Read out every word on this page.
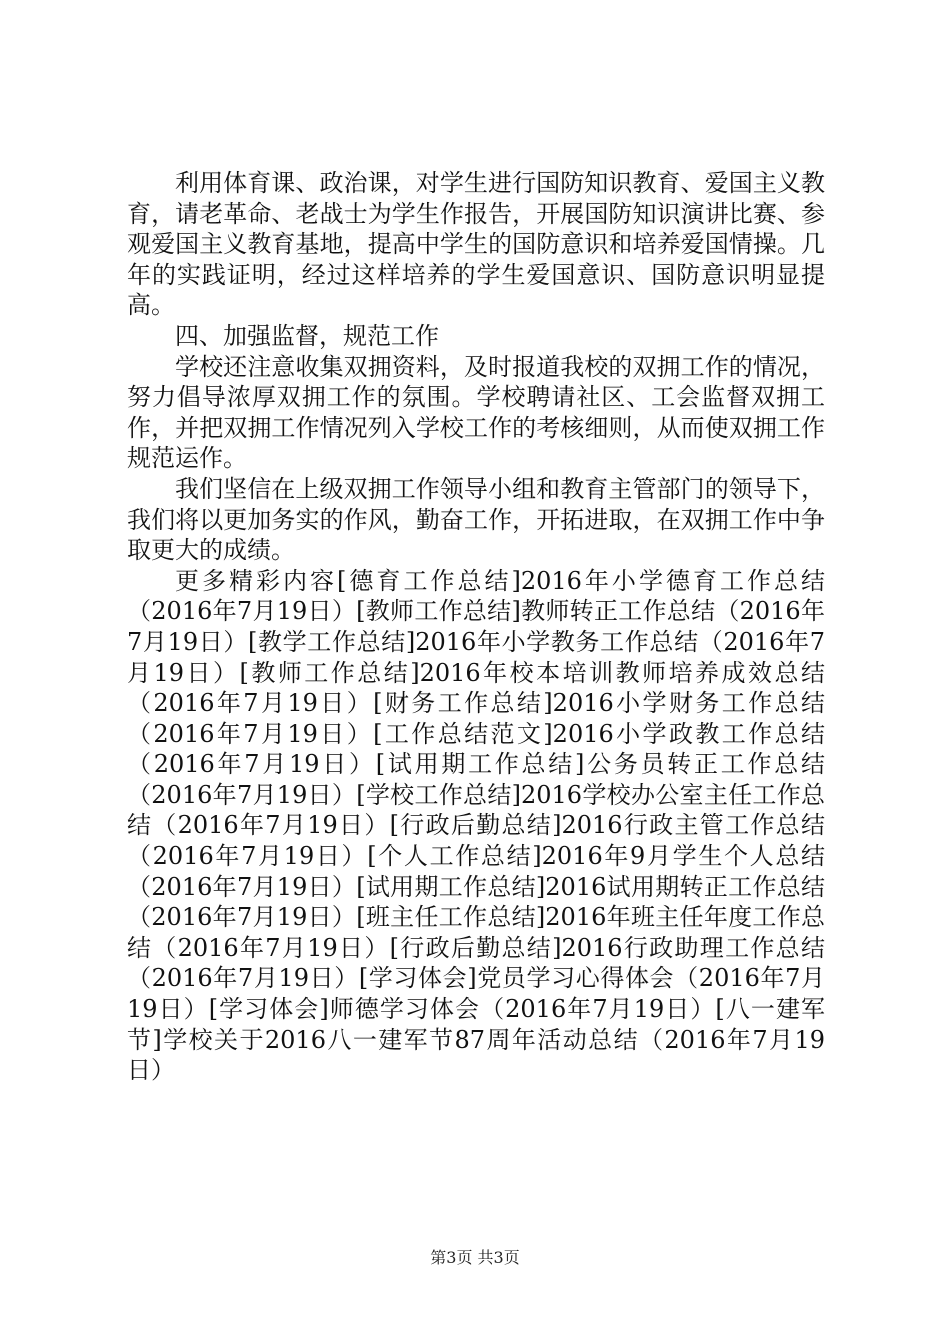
利用体育课、政治课，对学生进行国防知识教育、爱国主义教育，请老革命、老战士为学生作报告，开展国防知识演讲比赛、参观爱国主义教育基地，提高中学生的国防意识和培养爱国情操。几年的实践证明，经过这样培养的学生爱国意识、国防意识明显提高。

四、加强监督，规范工作

学校还注意收集双拥资料，及时报道我校的双拥工作的情况，努力倡导浓厚双拥工作的氛围。学校聘请社区、工会监督双拥工作，并把双拥工作情况列入学校工作的考核细则，从而使双拥工作规范运作。

我们坚信在上级双拥工作领导小组和教育主管部门的领导下，我们将以更加务实的作风，勤奋工作，开拓进取，在双拥工作中争取更大的成绩。

更多精彩内容[德育工作总结]2016年小学德育工作总结（2016年7月19日）[教师工作总结]教师转正工作总结（2016年7月19日）[教学工作总结]2016年小学教务工作总结（2016年7月19日）[教师工作总结]2016年校本培训教师培养成效总结（2016年7月19日）[财务工作总结]2016小学财务工作总结（2016年7月19日）[工作总结范文]2016小学政教工作总结（2016年7月19日）[试用期工作总结]公务员转正工作总结（2016年7月19日）[学校工作总结]2016学校办公室主任工作总结（2016年7月19日）[行政后勤总结]2016行政主管工作总结（2016年7月19日）[个人工作总结]2016年9月学生个人总结（2016年7月19日）[试用期工作总结]2016试用期转正工作总结（2016年7月19日）[班主任工作总结]2016年班主任年度工作总结（2016年7月19日）[行政后勤总结]2016行政助理工作总结（2016年7月19日）[学习体会]党员学习心得体会（2016年7月19日）[学习体会]师德学习体会（2016年7月19日）[八一建军节]学校关于2016八一建军节87周年活动总结（2016年7月19日）

第3页 共3页
